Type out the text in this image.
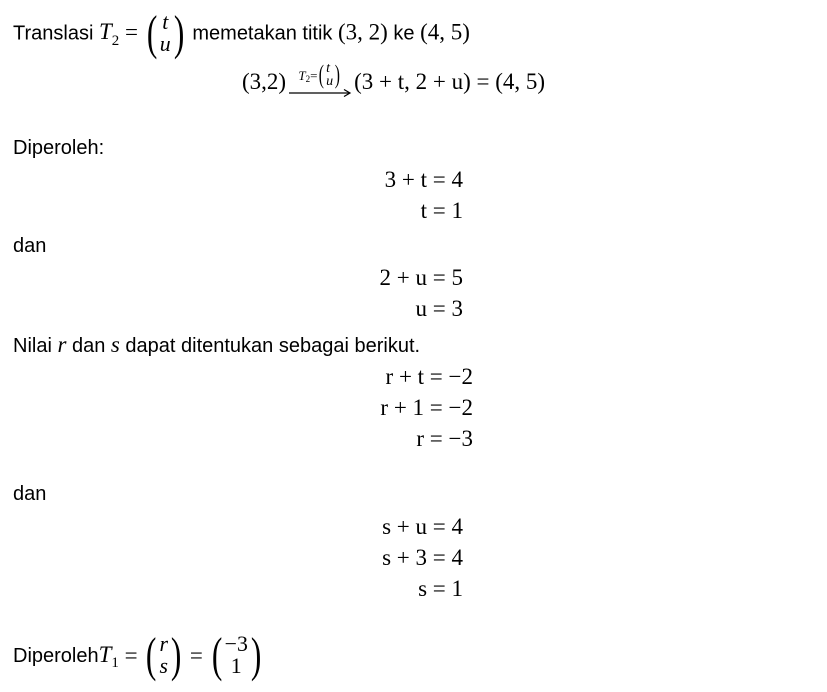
Translasi $T_2$ = ( t
u ) memetakan titik (3, 2) ke (4, 5)
(3,2) T 2 = ( t
u ) (3 + t, 2 + u) = (4, 5)
Diperoleh:
3 + t = 4
t = 1
dan
2 + u = 5
u = 3
Nilai r dan s dapat ditentukan sebagai berikut.
r + t = −2
r + 1 = −2
r = −3
dan
s + u = 4
s + 3 = 4
s = 1
Diperoleh $T_1$ = ( r
s ) = ( −3
1 )
